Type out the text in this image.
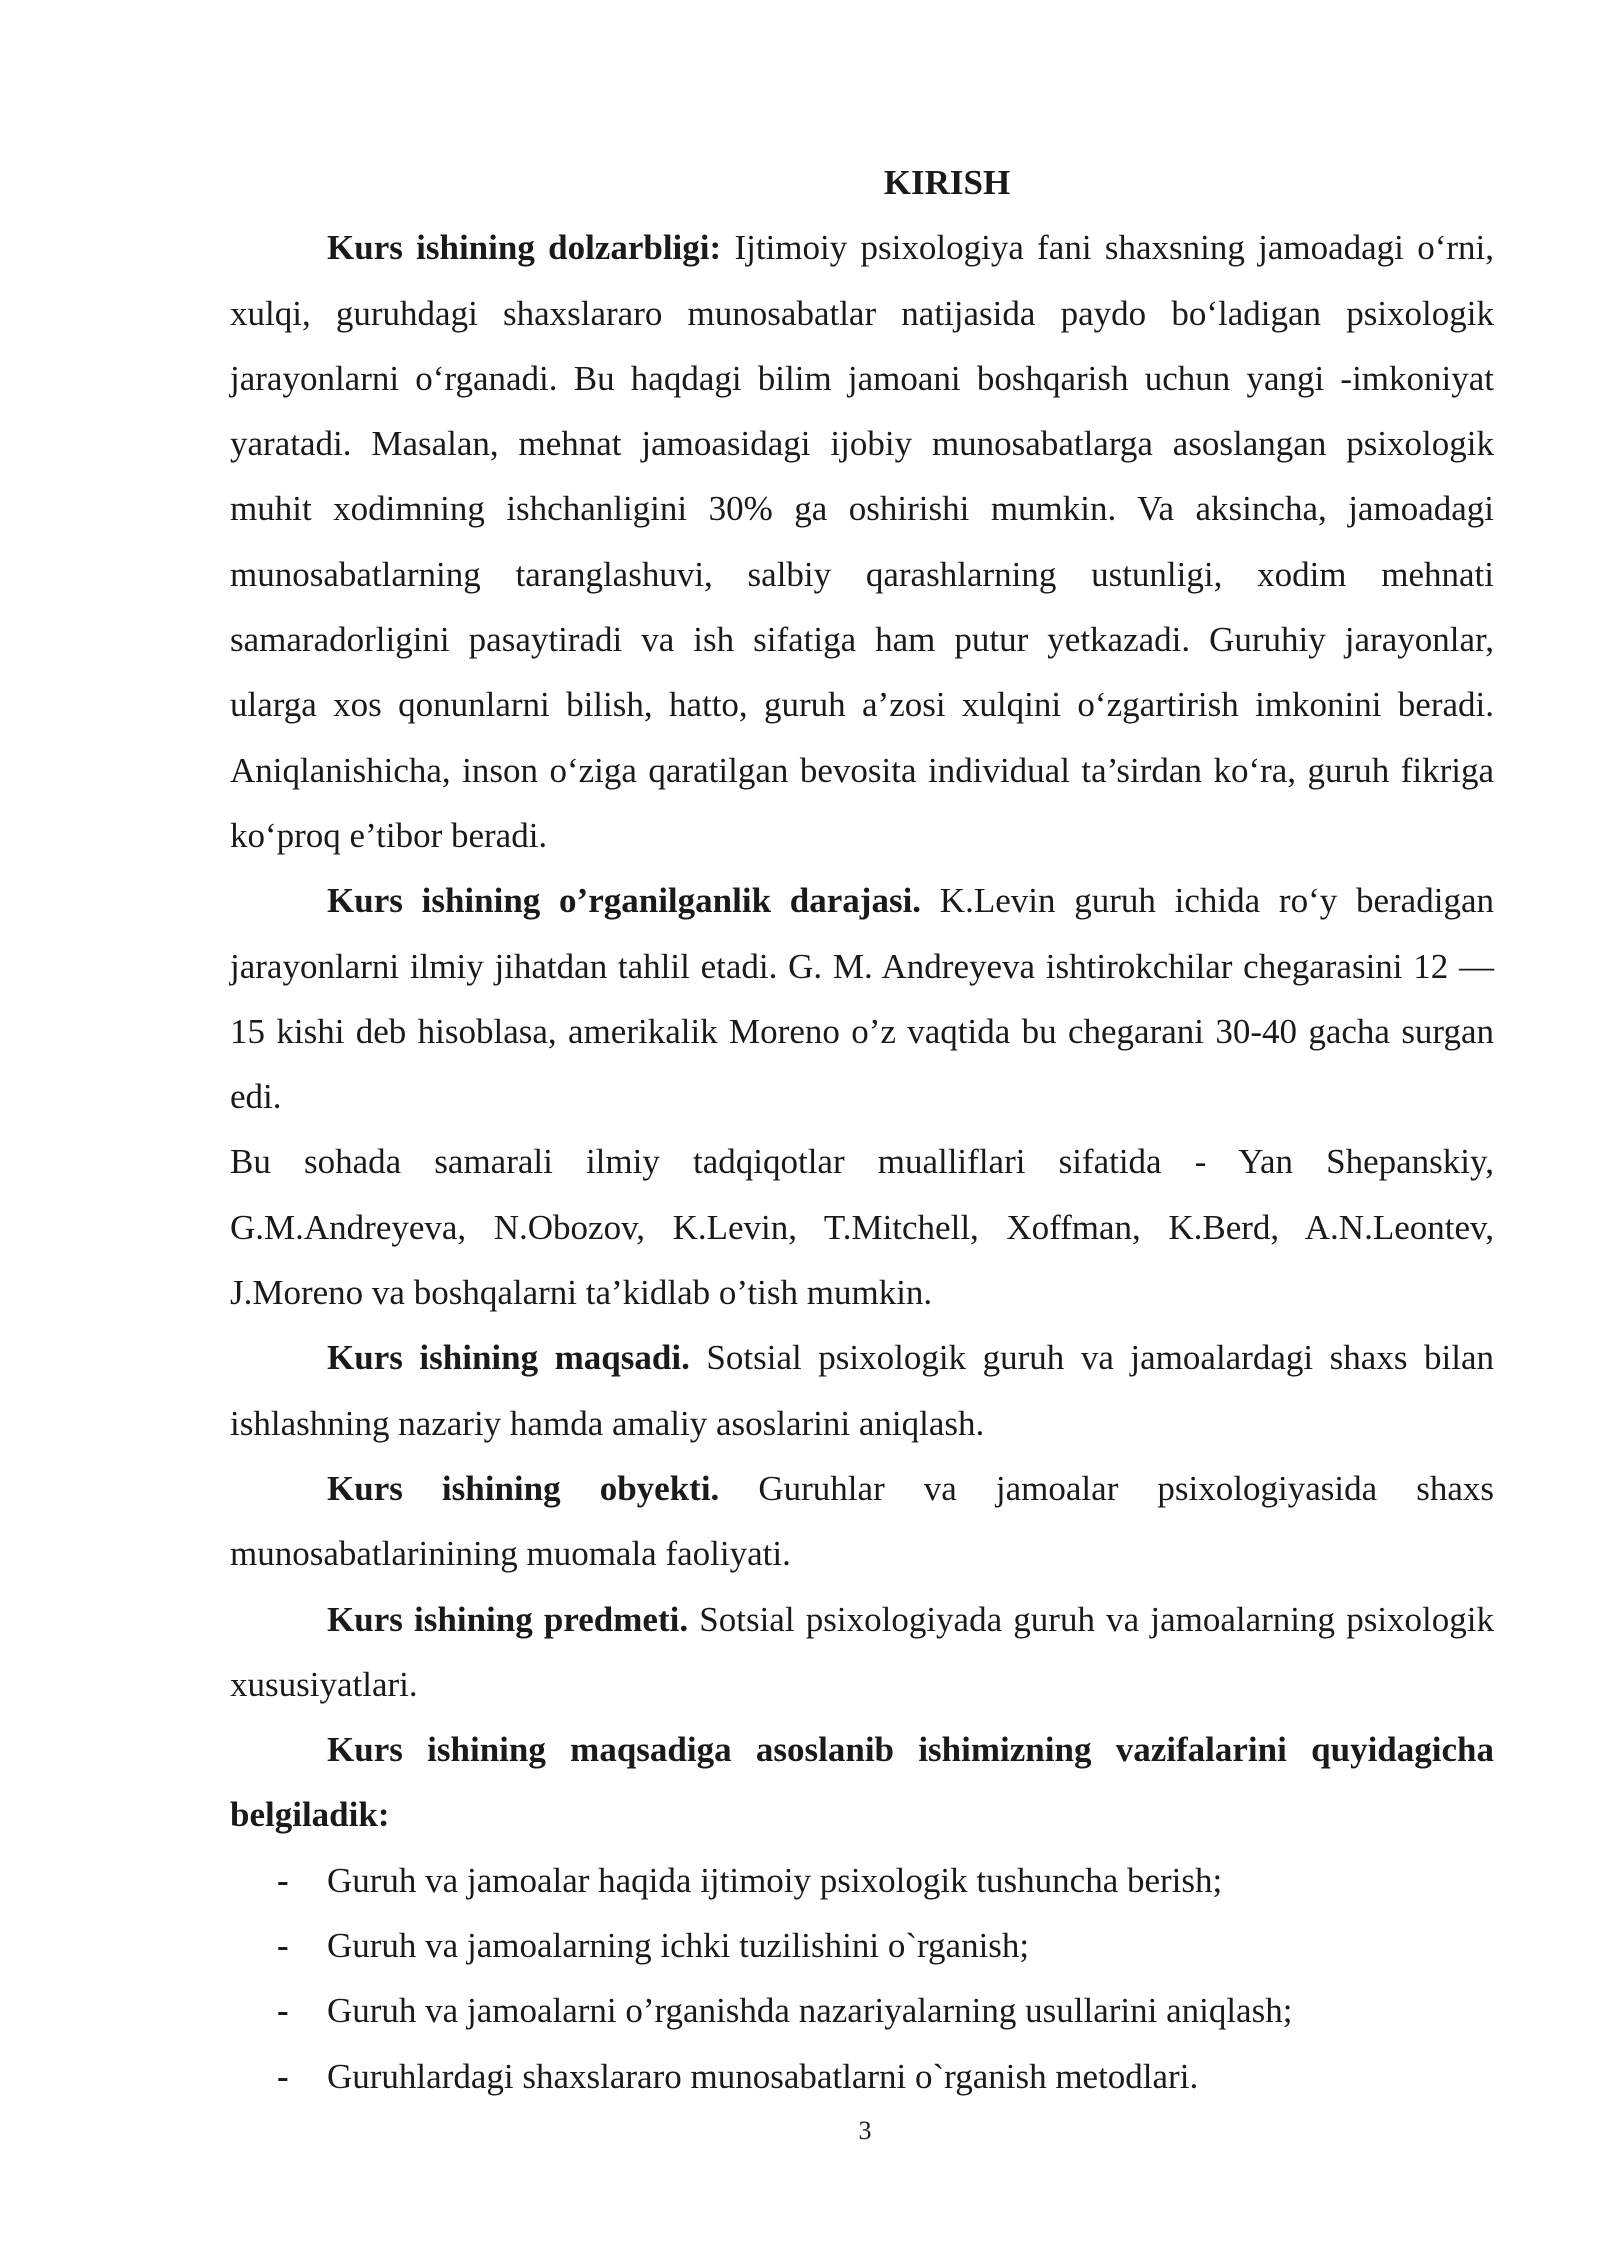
KIRISH

Kurs ishining dolzarbligi: Ijtimoiy psixologiya fani shaxsning jamoadagi o‘rni, xulqi, guruhdagi shaxslararo munosabatlar natijasida paydo bo‘ladigan psixologik jarayonlarni o‘rganadi. Bu haqdagi bilim jamoani boshqarish uchun yangi -imkoniyat yaratadi. Masalan, mehnat jamoasidagi ijobiy munosabatlarga asoslangan psixologik muhit xodimning ishchanligini 30% ga oshirishi mumkin. Va aksincha, jamoadagi munosabatlarning taranglashuvi, salbiy qarashlarning ustunligi, xodim mehnati samaradorligini pasaytiradi va ish sifatiga ham putur yetkazadi. Guruhiy jarayonlar, ularga xos qonunlarni bilish, hatto, guruh a’zosi xulqini o‘zgartirish imkonini beradi. Aniqlanishicha, inson o‘ziga qaratilgan bevosita individual ta’sirdan ko‘ra, guruh fikriga ko‘proq e’tibor beradi.

Kurs ishining o’rganilganlik darajasi. K.Levin guruh ichida ro‘y beradigan jarayonlarni ilmiy jihatdan tahlil etadi. G. M. Andreyeva ishtirokchilar chegarasini 12 — 15 kishi deb hisoblasa, amerikalik Moreno o’z vaqtida bu chegarani 30-40 gacha surgan edi.

Bu sohada samarali ilmiy tadqiqotlar mualliflari sifatida - Yan Shepanskiy, G.M.Andreyeva, N.Obozov, K.Levin, T.Mitchell, Xoffman, K.Berd, A.N.Leontev, J.Moreno va boshqalarni ta’kidlab o’tish mumkin.

Kurs ishining maqsadi. Sotsial psixologik guruh va jamoalardagi shaxs bilan ishlashning nazariy hamda amaliy asoslarini aniqlash.

Kurs ishining obyekti. Guruhlar va jamoalar psixologiyasida shaxs munosabatlarinining muomala faoliyati.

Kurs ishining predmeti. Sotsial psixologiyada guruh va jamoalarning psixologik xususiyatlari.

Kurs ishining maqsadiga asoslanib ishimizning vazifalarini quyidagicha belgiladik:

- Guruh va jamoalar haqida ijtimoiy psixologik tushuncha berish;
- Guruh va jamoalarning ichki tuzilishini o`rganish;
- Guruh va jamoalarni o’rganishda nazariyalarning usullarini aniqlash;
- Guruhlardagi shaxslararo munosabatlarni o`rganish metodlari.
3
